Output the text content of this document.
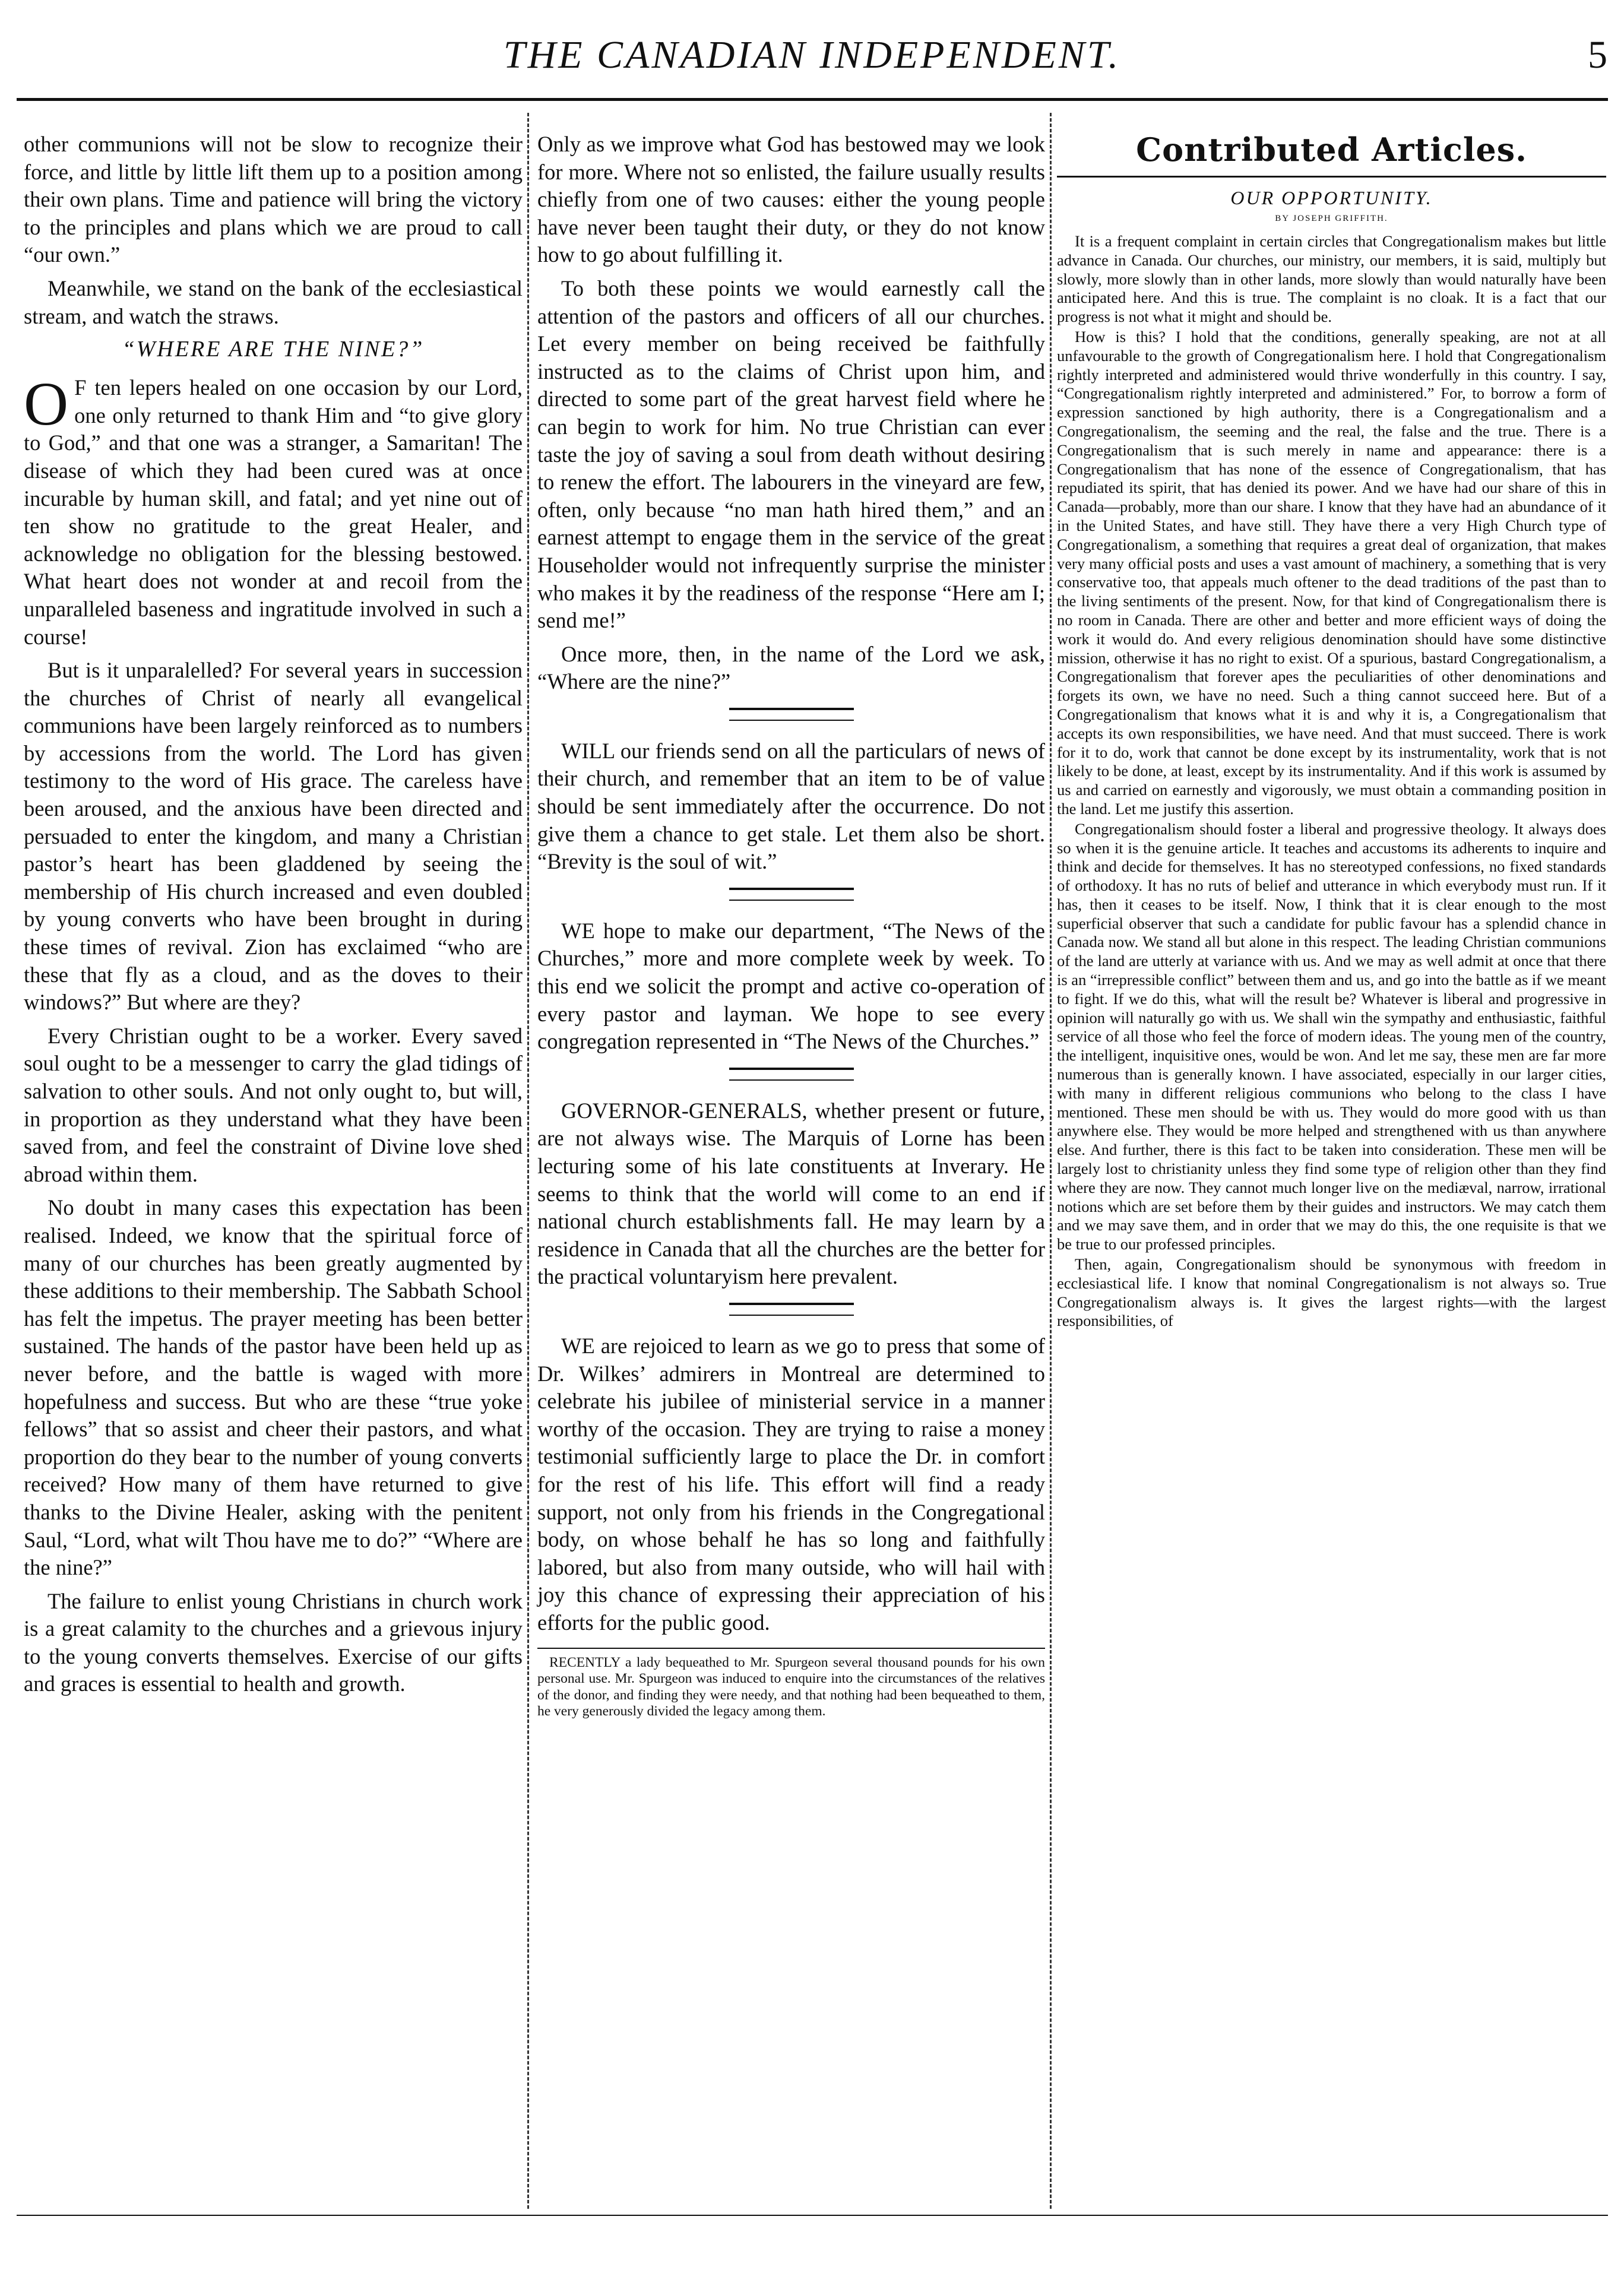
THE CANADIAN INDEPENDENT.	5

other communions will not be slow to recognize their force, and little by little lift them up to a position among their own plans. Time and patience will bring the victory to the principles and plans which we are proud to call “our own.”

Meanwhile, we stand on the bank of the ecclesiastical stream, and watch the straws.

“WHERE ARE THE NINE?”

O F ten lepers healed on one occasion by our Lord, one only returned to thank Him and “to give glory to God,” and that one was a stranger, a Samaritan! The disease of which they had been cured was at once incurable by human skill, and fatal; and yet nine out of ten show no gratitude to the great Healer, and acknowledge no obligation for the blessing bestowed. What heart does not wonder at and recoil from the unparalleled baseness and ingratitude involved in such a course!

But is it unparalelled? For several years in succession the churches of Christ of nearly all evangelical communions have been largely reinforced as to numbers by accessions from the world. The Lord has given testimony to the word of His grace. The careless have been aroused, and the anxious have been directed and persuaded to enter the kingdom, and many a Christian pastor’s heart has been gladdened by seeing the membership of His church increased and even doubled by young converts who have been brought in during these times of revival. Zion has exclaimed “who are these that fly as a cloud, and as the doves to their windows?” But where are they?

Every Christian ought to be a worker. Every saved soul ought to be a messenger to carry the glad tidings of salvation to other souls. And not only ought to, but will, in proportion as they understand what they have been saved from, and feel the constraint of Divine love shed abroad within them.

No doubt in many cases this expectation has been realised. Indeed, we know that the spiritual force of many of our churches has been greatly augmented by these additions to their membership. The Sabbath School has felt the impetus. The prayer meeting has been better sustained. The hands of the pastor have been held up as never before, and the battle is waged with more hopefulness and success. But who are these “true yoke fellows” that so assist and cheer their pastors, and what proportion do they bear to the number of young converts received? How many of them have returned to give thanks to the Divine Healer, asking with the penitent Saul, “Lord, what wilt Thou have me to do?” “Where are the nine?”

The failure to enlist young Christians in church work is a great calamity to the churches and a grievous injury to the young converts themselves. Exercise of our gifts and graces is essential to health and growth.

Only as we improve what God has bestowed may we look for more. Where not so enlisted, the failure usually results chiefly from one of two causes: either the young people have never been taught their duty, or they do not know how to go about fulfilling it.

To both these points we would earnestly call the attention of the pastors and officers of all our churches. Let every member on being received be faithfully instructed as to the claims of Christ upon him, and directed to some part of the great harvest field where he can begin to work for him. No true Christian can ever taste the joy of saving a soul from death without desiring to renew the effort. The labourers in the vineyard are few, often, only because “no man hath hired them,” and an earnest attempt to engage them in the service of the great Householder would not infrequently surprise the minister who makes it by the readiness of the response “Here am I; send me!”

Once more, then, in the name of the Lord we ask, “Where are the nine?”

WILL our friends send on all the particulars of news of their church, and remember that an item to be of value should be sent immediately after the occurrence. Do not give them a chance to get stale. Let them also be short. “Brevity is the soul of wit.”

WE hope to make our department, “The News of the Churches,” more and more complete week by week. To this end we solicit the prompt and active co-operation of every pastor and layman. We hope to see every congregation represented in “The News of the Churches.”

GOVERNOR-GENERALS, whether present or future, are not always wise. The Marquis of Lorne has been lecturing some of his late constituents at Inverary. He seems to think that the world will come to an end if national church establishments fall. He may learn by a residence in Canada that all the churches are the better for the practical voluntaryism here prevalent.

WE are rejoiced to learn as we go to press that some of Dr. Wilkes’ admirers in Montreal are determined to celebrate his jubilee of ministerial service in a manner worthy of the occasion. They are trying to raise a money testimonial sufficiently large to place the Dr. in comfort for the rest of his life. This effort will find a ready support, not only from his friends in the Congregational body, on whose behalf he has so long and faithfully labored, but also from many outside, who will hail with joy this chance of expressing their appreciation of his efforts for the public good.

RECENTLY a lady bequeathed to Mr. Spurgeon several thousand pounds for his own personal use. Mr. Spurgeon was induced to enquire into the circumstances of the relatives of the donor, and finding they were needy, and that nothing had been bequeathed to them, he very generously divided the legacy among them.

Contributed Articles.
OUR OPPORTUNITY.
BY JOSEPH GRIFFITH.

It is a frequent complaint in certain circles that Congregationalism makes but little advance in Canada. Our churches, our ministry, our members, it is said, multiply but slowly, more slowly than in other lands, more slowly than would naturally have been anticipated here. And this is true. The complaint is no cloak. It is a fact that our progress is not what it might and should be.

How is this? I hold that the conditions, generally speaking, are not at all unfavourable to the growth of Congregationalism here. I hold that Congregationalism rightly interpreted and administered would thrive wonderfully in this country. I say, “Congregationalism rightly interpreted and administered.” For, to borrow a form of expression sanctioned by high authority, there is a Congregationalism and a Congregationalism, the seeming and the real, the false and the true. There is a Congregationalism that is such merely in name and appearance: there is a Congregationalism that has none of the essence of Congregationalism, that has repudiated its spirit, that has denied its power. And we have had our share of this in Canada—probably, more than our share. I know that they have had an abundance of it in the United States, and have still. They have there a very High Church type of Congregationalism, a something that requires a great deal of organization, that makes very many official posts and uses a vast amount of machinery, a something that is very conservative too, that appeals much oftener to the dead traditions of the past than to the living sentiments of the present. Now, for that kind of Congregationalism there is no room in Canada. There are other and better and more efficient ways of doing the work it would do. And every religious denomination should have some distinctive mission, otherwise it has no right to exist. Of a spurious, bastard Congregationalism, a Congregationalism that forever apes the peculiarities of other denominations and forgets its own, we have no need. Such a thing cannot succeed here. But of a Congregationalism that knows what it is and why it is, a Congregationalism that accepts its own responsibilities, we have need. And that must succeed. There is work for it to do, work that cannot be done except by its instrumentality, work that is not likely to be done, at least, except by its instrumentality. And if this work is assumed by us and carried on earnestly and vigorously, we must obtain a commanding position in the land. Let me justify this assertion.

Congregationalism should foster a liberal and progressive theology. It always does so when it is the genuine article. It teaches and accustoms its adherents to inquire and think and decide for themselves. It has no stereotyped confessions, no fixed standards of orthodoxy. It has no ruts of belief and utterance in which everybody must run. If it has, then it ceases to be itself. Now, I think that it is clear enough to the most superficial observer that such a candidate for public favour has a splendid chance in Canada now. We stand all but alone in this respect. The leading Christian communions of the land are utterly at variance with us. And we may as well admit at once that there is an “irrepressible conflict” between them and us, and go into the battle as if we meant to fight. If we do this, what will the result be? Whatever is liberal and progressive in opinion will naturally go with us. We shall win the sympathy and enthusiastic, faithful service of all those who feel the force of modern ideas. The young men of the country, the intelligent, inquisitive ones, would be won. And let me say, these men are far more numerous than is generally known. I have associated, especially in our larger cities, with many in different religious communions who belong to the class I have mentioned. These men should be with us. They would do more good with us than anywhere else. They would be more helped and strengthened with us than anywhere else. And further, there is this fact to be taken into consideration. These men will be largely lost to christianity unless they find some type of religion other than they find where they are now. They cannot much longer live on the mediæval, narrow, irrational notions which are set before them by their guides and instructors. We may catch them and we may save them, and in order that we may do this, the one requisite is that we be true to our professed principles.

Then, again, Congregationalism should be synonymous with freedom in ecclesiastical life. I know that nominal Congregationalism is not always so. True Congregationalism always is. It gives the largest rights—with the largest responsibilities, of
